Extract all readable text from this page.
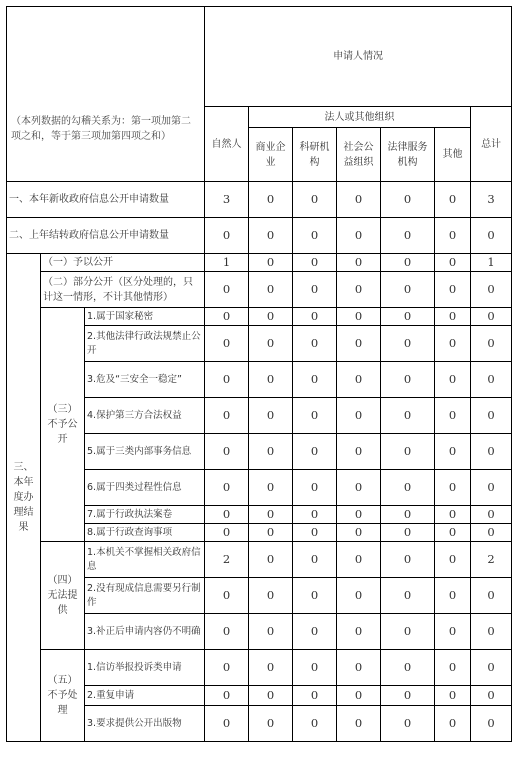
（本列数据的勾稽关系为：第一项加第二项之和，等于第三项加第四项之和）			申请人情况						
			自然人	法人或其他组织					总计
				商业企业	科研机构	社会公益组织	法律服务机构	其他	
一、本年新收政府信息公开申请数量			3	0	0	0	0	0	3
二、上年结转政府信息公开申请数量			0	0	0	0	0	0	0
三、本年度办理结果	（一）予以公开		1	0	0	0	0	0	1
	（二）部分公开（区分处理的，只计这一情形，不计其他情形）		0	0	0	0	0	0	0
	（三）不予公开	1.属于国家秘密	0	0	0	0	0	0	0
		2.其他法律行政法规禁止公开	0	0	0	0	0	0	0
		3.危及“三安全一稳定”	0	0	0	0	0	0	0
		4.保护第三方合法权益	0	0	0	0	0	0	0
		5.属于三类内部事务信息	0	0	0	0	0	0	0
		6.属于四类过程性信息	0	0	0	0	0	0	0
		7.属于行政执法案卷	0	0	0	0	0	0	0
		8.属于行政查询事项	0	0	0	0	0	0	0
	（四）无法提供	1.本机关不掌握相关政府信息	2	0	0	0	0	0	2
		2.没有现成信息需要另行制作	0	0	0	0	0	0	0
		3.补正后申请内容仍不明确	0	0	0	0	0	0	0
	（五）不予处理	1.信访举报投诉类申请	0	0	0	0	0	0	0
		2.重复申请	0	0	0	0	0	0	0
		3.要求提供公开出版物	0	0	0	0	0	0	0
